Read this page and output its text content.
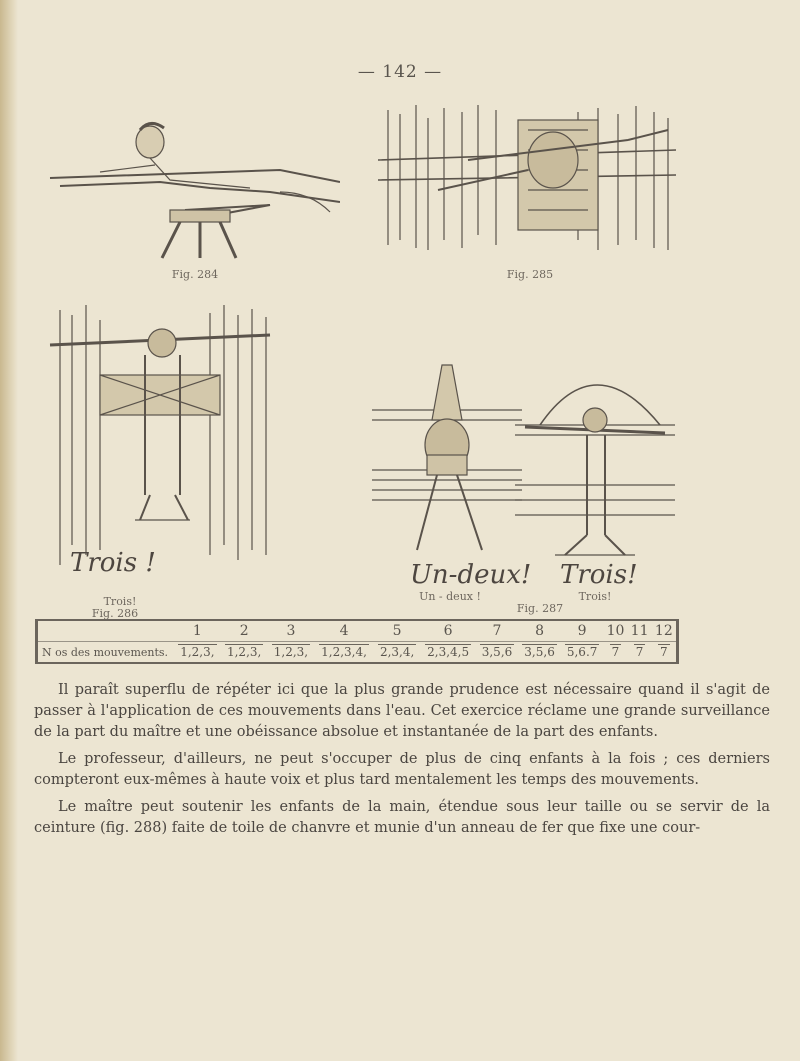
— 142 —
Fig. 284	Fig. 285
Trois !
Trois!
Fig. 286
Un-deux!
Un - deux !
Trois!
Trois!
Fig. 287
	1	2	3	4	5	6	7	8	9	10	11	12
N os des mouvements.	1,2,3,	1,2,3,	1,2,3,	1,2,3,4,	2,3,4,	2,3,4,5	3,5,6	3,5,6	5,6.7	7	7	7

Il paraît superflu de répéter ici que la plus grande prudence est nécessaire quand il s'agit de passer à l'application de ces mouvements dans l'eau. Cet exercice réclame une grande surveillance de la part du maître et une obéissance absolue et instantanée de la part des enfants.

Le professeur, d'ailleurs, ne peut s'occuper de plus de cinq enfants à la fois ; ces derniers compteront eux-mêmes à haute voix et plus tard mentalement les temps des mouvements.

Le maître peut soutenir les enfants de la main, étendue sous leur taille ou se servir de la ceinture (fig. 288) faite de toile de chanvre et munie d'un anneau de fer que fixe une cour-
